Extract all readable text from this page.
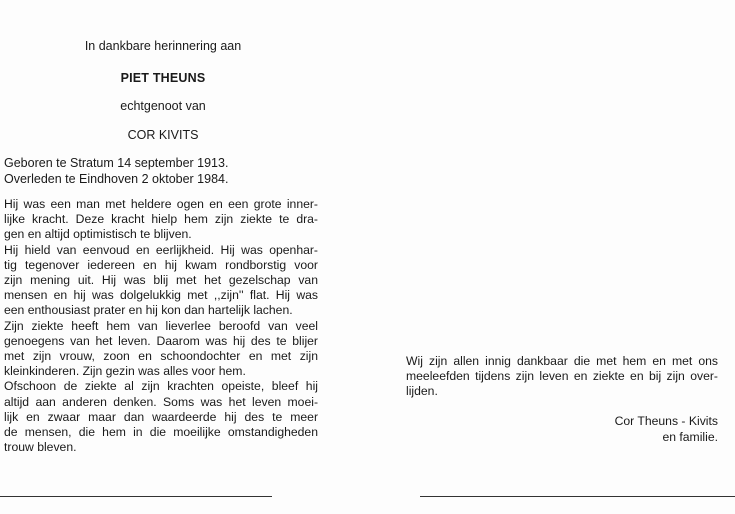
In dankbare herinnering aan
PIET THEUNS
echtgenoot van
COR KIVITS
Geboren te Stratum 14 september 1913.
Overleden te Eindhoven 2 oktober 1984.
Hij was een man met heldere ogen en een grote inner-
lijke kracht. Deze kracht hielp hem zijn ziekte te dra-
gen en altijd optimistisch te blijven.
Hij hield van eenvoud en eerlijkheid. Hij was openhar-
tig tegenover iedereen en hij kwam rondborstig voor
zijn mening uit. Hij was blij met het gezelschap van
mensen en hij was dolgelukkig met ,,zijn'' flat. Hij was
een enthousiast prater en hij kon dan hartelijk lachen.
Zijn ziekte heeft hem van lieverlee beroofd van veel
genoegens van het leven. Daarom was hij des te blijer
met zijn vrouw, zoon en schoondochter en met zijn
kleinkinderen. Zijn gezin was alles voor hem.
Ofschoon de ziekte al zijn krachten opeiste, bleef hij
altijd aan anderen denken. Soms was het leven moei-
lijk en zwaar maar dan waardeerde hij des te meer
de mensen, die hem in die moeilijke omstandigheden
trouw bleven.
Wij zijn allen innig dankbaar die met hem en met ons
meeleefden tijdens zijn leven en ziekte en bij zijn over-
lijden.
Cor Theuns - Kivits
en familie.
